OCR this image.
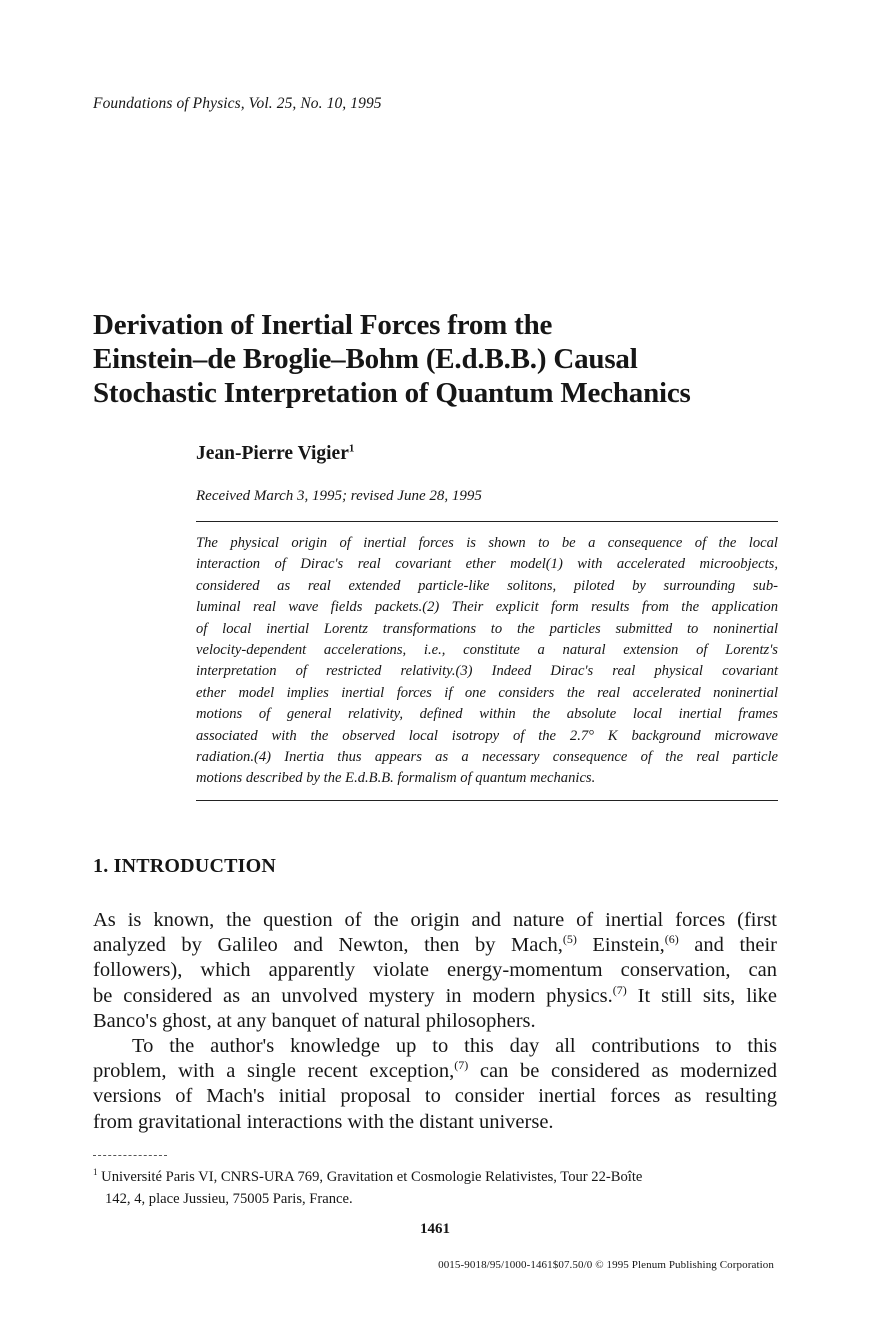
Foundations of Physics, Vol. 25, No. 10, 1995
Derivation of Inertial Forces from the
Einstein–de Broglie–Bohm (E.d.B.B.) Causal
Stochastic Interpretation of Quantum Mechanics
Jean-Pierre Vigier$^1$
Received March 3, 1995; revised June 28, 1995
The physical origin of inertial forces is shown to be a consequence of the local
interaction of Dirac's real covariant ether model(1) with accelerated microobjects,
considered as real extended particle-like solitons, piloted by surrounding sub-
luminal real wave fields packets.(2) Their explicit form results from the application
of local inertial Lorentz transformations to the particles submitted to noninertial
velocity-dependent accelerations, i.e., constitute a natural extension of Lorentz's
interpretation of restricted relativity.(3) Indeed Dirac's real physical covariant
ether model implies inertial forces if one considers the real accelerated noninertial
motions of general relativity, defined within the absolute local inertial frames
associated with the observed local isotropy of the 2.7° K background microwave
radiation.(4) Inertia thus appears as a necessary consequence of the real particle
motions described by the E.d.B.B. formalism of quantum mechanics.
1. INTRODUCTION
As is known, the question of the origin and nature of inertial forces (first
analyzed by Galileo and Newton, then by Mach,$^{(5)}$ Einstein,$^{(6)}$ and their
followers), which apparently violate energy-momentum conservation, can
be considered as an unvolved mystery in modern physics.$^{(7)}$ It still sits, like
Banco's ghost, at any banquet of natural philosophers.
To the author's knowledge up to this day all contributions to this
problem, with a single recent exception,$^{(7)}$ can be considered as modernized
versions of Mach's initial proposal to consider inertial forces as resulting
from gravitational interactions with the distant universe.
$^1$ Université Paris VI, CNRS-URA 769, Gravitation et Cosmologie Relativistes, Tour 22-Boîte
142, 4, place Jussieu, 75005 Paris, France.
1461
0015-9018/95/1000-1461$07.50/0 © 1995 Plenum Publishing Corporation
